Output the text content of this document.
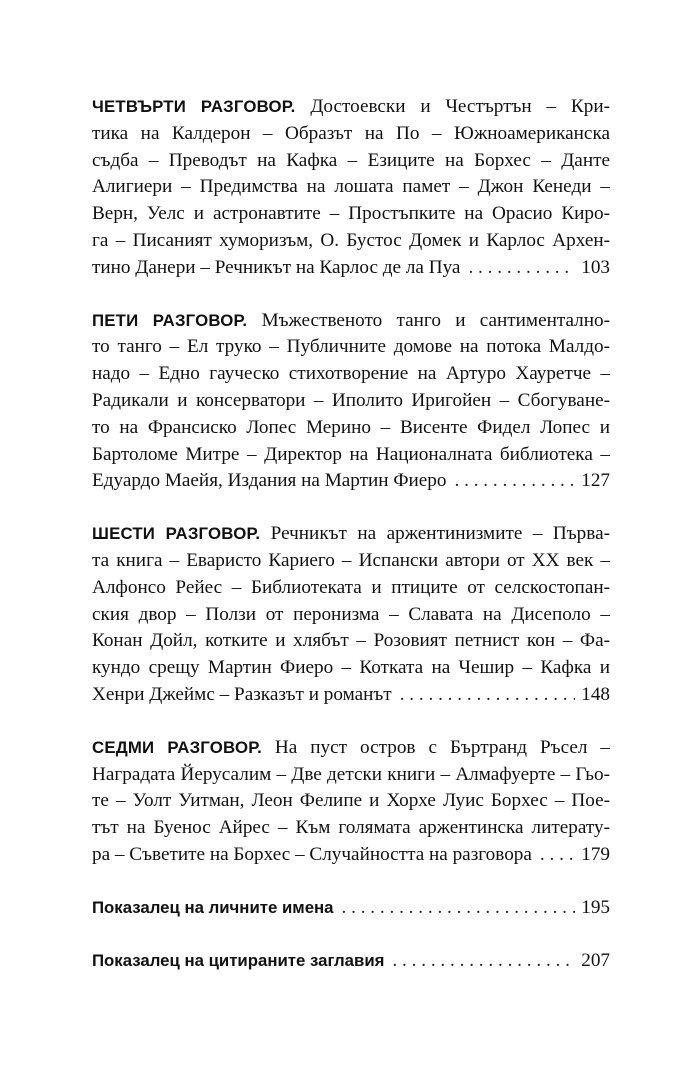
ЧЕТВЪРТИ РАЗГОВОР. Достоевски и Честъртън – Кри-
тика на Калдерон – Образът на По – Южноамериканска
съдба – Преводът на Кафка – Езиците на Борхес – Данте
Алигиери – Предимства на лошата памет – Джон Кенеди –
Верн, Уелс и астронавтите – Простъпките на Орасио Киро-
га – Писаният хуморизъм, О. Бустос Домек и Карлос Архен-
тино Данери – Речникът на Карлос де ла Пуа . . .	103
ПЕТИ РАЗГОВОР. Мъжественото танго и сантиментално-
то танго – Ел труко – Публичните домове на потока Малдо-
надо – Едно гауческо стихотворение на Артуро Хауретче –
Радикали и консерватори – Иполито Иригойен – Сбогуване-
то на Франсиско Лопес Мерино – Висенте Фидел Лопес и
Бартоломе Митре – Директор на Националната библиотека –
Едуардо Маейя, Издания на Мартин Фиеро . . .	127
ШЕСТИ РАЗГОВОР. Речникът на аржентинизмите – Първа-
та книга – Еваристо Кариего – Испански автори от ХХ век –
Алфонсо Рейес – Библиотеката и птиците от селскостопан-
ския двор – Ползи от перонизма – Славата на Дисеполо –
Конан Дойл, котките и хлябът – Розовият петнист кон – Фа-
кундо срещу Мартин Фиеро – Котката на Чешир – Кафка и
Хенри Джеймс – Разказът и романът . . .	148
СЕДМИ РАЗГОВОР. На пуст остров с Бъртранд Ръсел –
Наградата Йерусалим – Две детски книги – Алмафуерте – Гьо-
те – Уолт Уитман, Леон Фелипе и Хорхе Луис Борхес – Пое-
тът на Буенос Айрес – Към голямата аржентинска литерату-
ра – Съветите на Борхес – Случайността на разговора . . .	179
Показалец на личните имена . . .	195
Показалец на цитираните заглавия . . .	207
